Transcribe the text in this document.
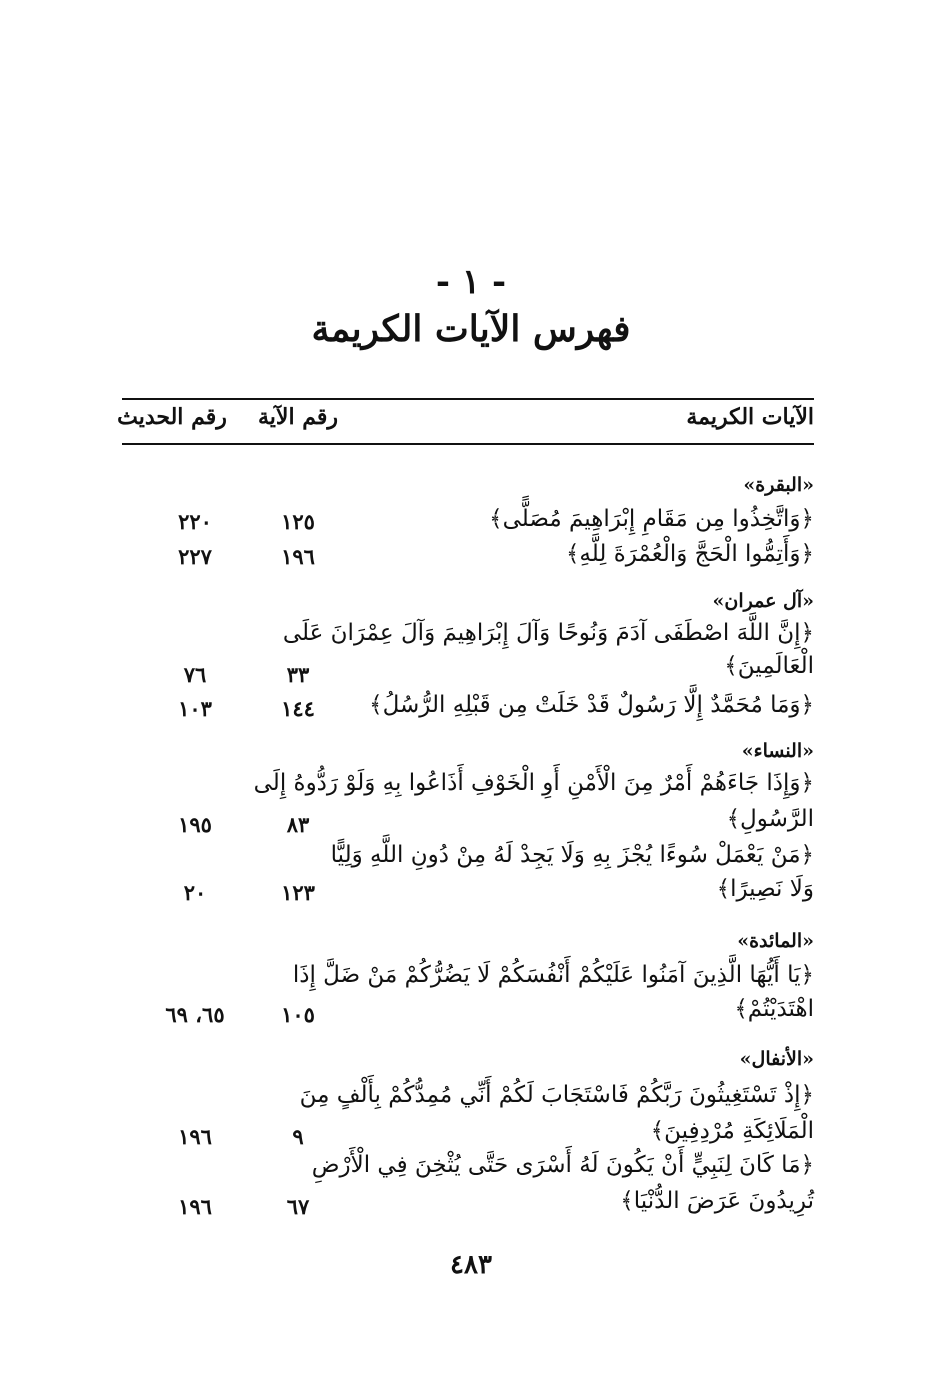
- ١ -
فهرس الآيات الكريمة
الآيات الكريمة
رقم الآية
رقم الحديث
«البقرة»
﴿وَاتَّخِذُوا مِن مَقَامِ إِبْرَاهِيمَ مُصَلًّى﴾
١٢٥
٢٢٠
﴿وَأَتِمُّوا الْحَجَّ وَالْعُمْرَةَ لِلَّهِ﴾
١٩٦
٢٢٧
«آل عمران»
﴿إِنَّ اللَّهَ اصْطَفَى آدَمَ وَنُوحًا وَآلَ إِبْرَاهِيمَ وَآلَ عِمْرَانَ عَلَى
الْعَالَمِينَ﴾
٣٣
٧٦
﴿وَمَا مُحَمَّدٌ إِلَّا رَسُولٌ قَدْ خَلَتْ مِن قَبْلِهِ الرُّسُلُ﴾
١٤٤
١٠٣
«النساء»
﴿وَإِذَا جَاءَهُمْ أَمْرٌ مِنَ الْأَمْنِ أَوِ الْخَوْفِ أَذَاعُوا بِهِ وَلَوْ رَدُّوهُ إِلَى
الرَّسُولِ﴾
٨٣
١٩٥
﴿مَنْ يَعْمَلْ سُوءًا يُجْزَ بِهِ وَلَا يَجِدْ لَهُ مِنْ دُونِ اللَّهِ وَلِيًّا
وَلَا نَصِيرًا﴾
١٢٣
٢٠
«المائدة»
﴿يَا أَيُّهَا الَّذِينَ آمَنُوا عَلَيْكُمْ أَنْفُسَكُمْ لَا يَضُرُّكُمْ مَنْ ضَلَّ إِذَا
اهْتَدَيْتُمْ﴾
١٠٥
٦٥، ٦٩
«الأنفال»
﴿إِذْ تَسْتَغِيثُونَ رَبَّكُمْ فَاسْتَجَابَ لَكُمْ أَنِّي مُمِدُّكُمْ بِأَلْفٍ مِنَ
الْمَلَائِكَةِ مُرْدِفِينَ﴾
٩
١٩٦
﴿مَا كَانَ لِنَبِيٍّ أَنْ يَكُونَ لَهُ أَسْرَى حَتَّى يُثْخِنَ فِي الْأَرْضِ
تُرِيدُونَ عَرَضَ الدُّنْيَا﴾
٦٧
١٩٦
٤٨٣
